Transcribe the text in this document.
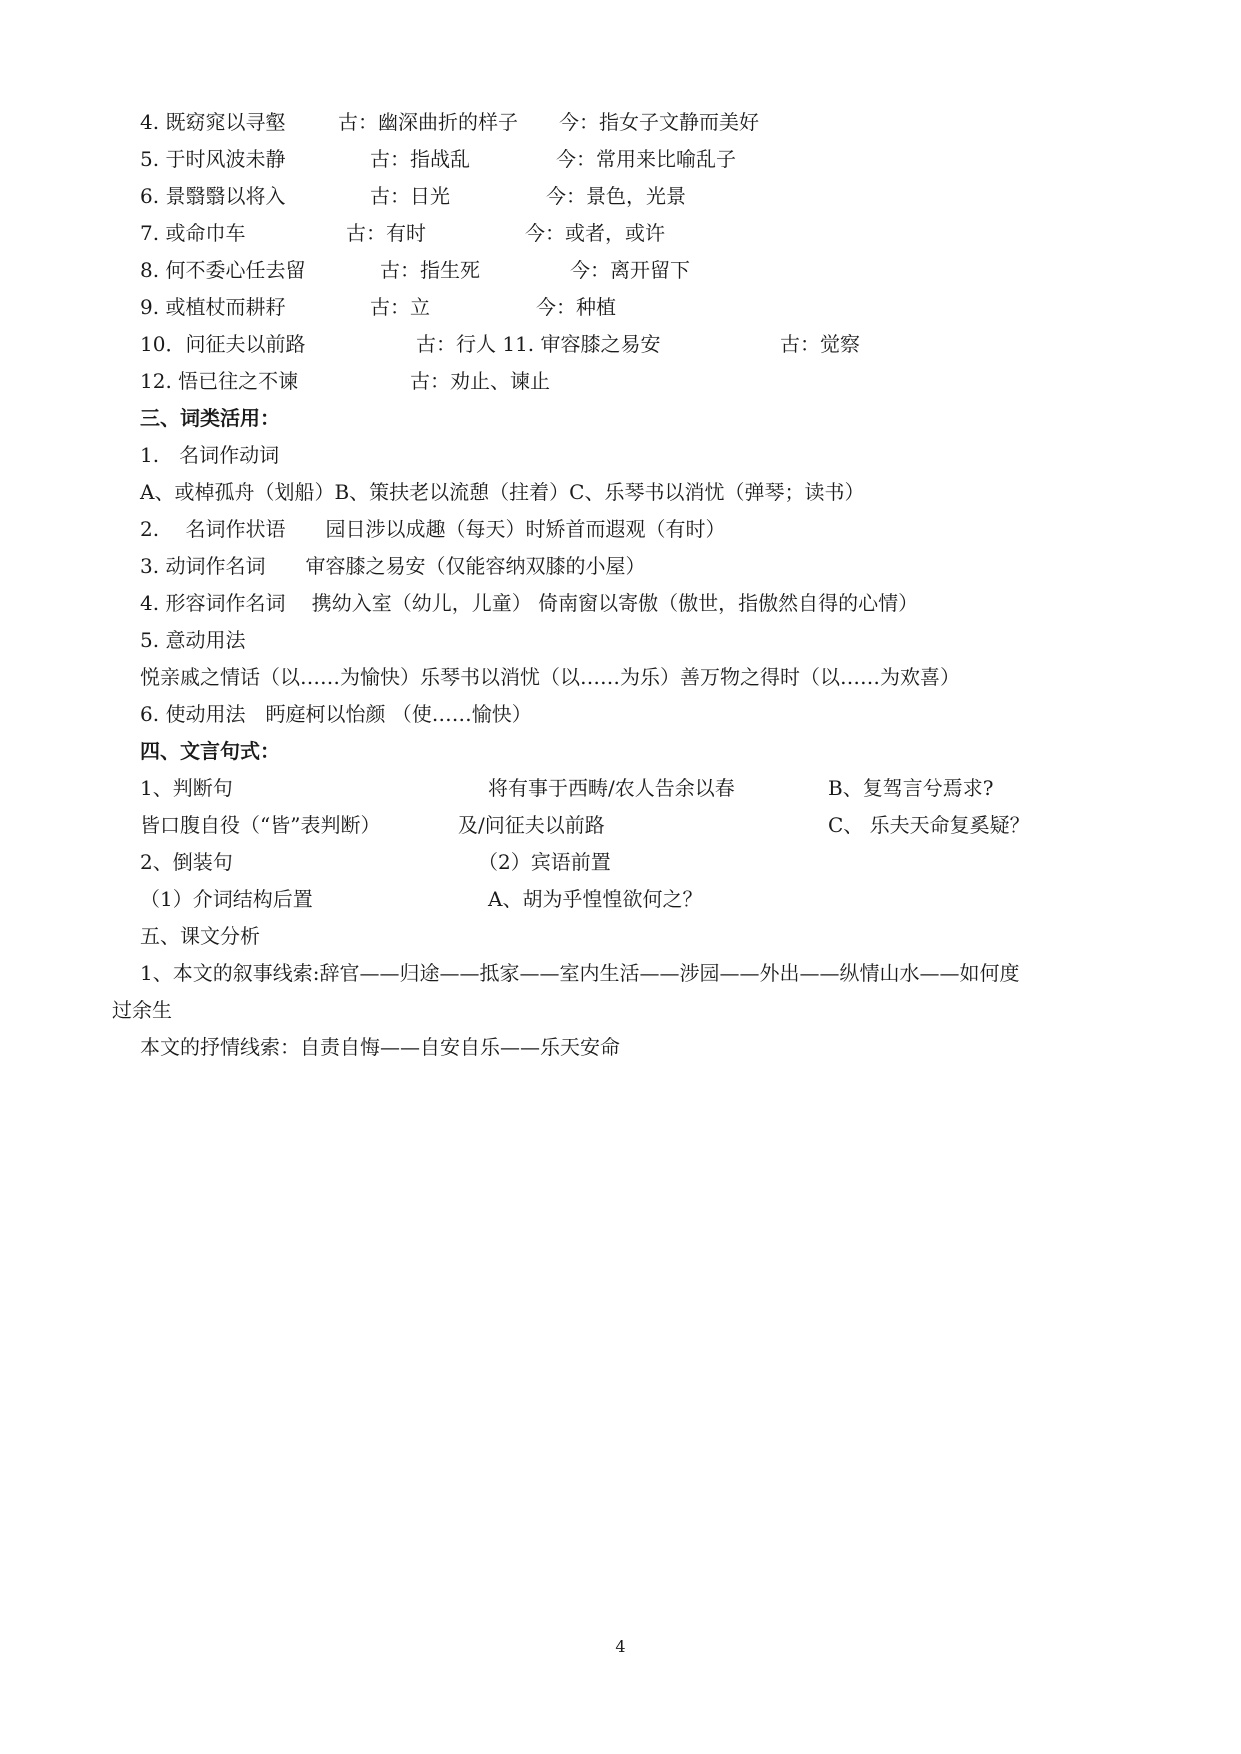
4. 既窈窕以寻壑	古：幽深曲折的样子 今：指女子文静而美好
5. 于时风波未静	古：指战乱	今：常用来比喻乱子
6. 景翳翳以将入	古：日光	今：景色，光景
7. 或命巾车	古：有时	今：或者，或许
8. 何不委心任去留	古：指生死	今：离开留下
9. 或植杖而耕耔	古：立	今：种植
10．问征夫以前路	古：行人 11. 审容膝之易安	古：觉察
12. 悟已往之不谏	古：劝止、谏止
三、词类活用：
1.　名词作动词
A、或棹孤舟（划船）B、策扶老以流憩（拄着）C、乐琴书以消忧（弹琴；读书）
2.　 名词作状语　　园日涉以成趣（每天）时矫首而遐观（有时）
3. 动词作名词　　审容膝之易安（仅能容纳双膝的小屋）
4. 形容词作名词　 携幼入室（幼儿，儿童） 倚南窗以寄傲（傲世，指傲然自得的心情）
5. 意动用法
悦亲戚之情话（以……为愉快）乐琴书以消忧（以……为乐）善万物之得时（以……为欢喜）
6. 使动用法　眄庭柯以怡颜 （使……愉快）
四、文言句式：
1、判断句	将有事于西畴/农人告余以春	B、复驾言兮焉求?
皆口腹自役（“皆”表判断）	及/问征夫以前路	C、 乐夫天命复奚疑？
2、倒装句	（2）宾语前置
（1）介词结构后置	A、胡为乎惶惶欲何之？
五、课文分析
1、本文的叙事线索:辞官——归途——抵家——室内生活——涉园——外出——纵情山水——如何度
过余生
本文的抒情线索：自责自悔——自安自乐——乐天安命
4
